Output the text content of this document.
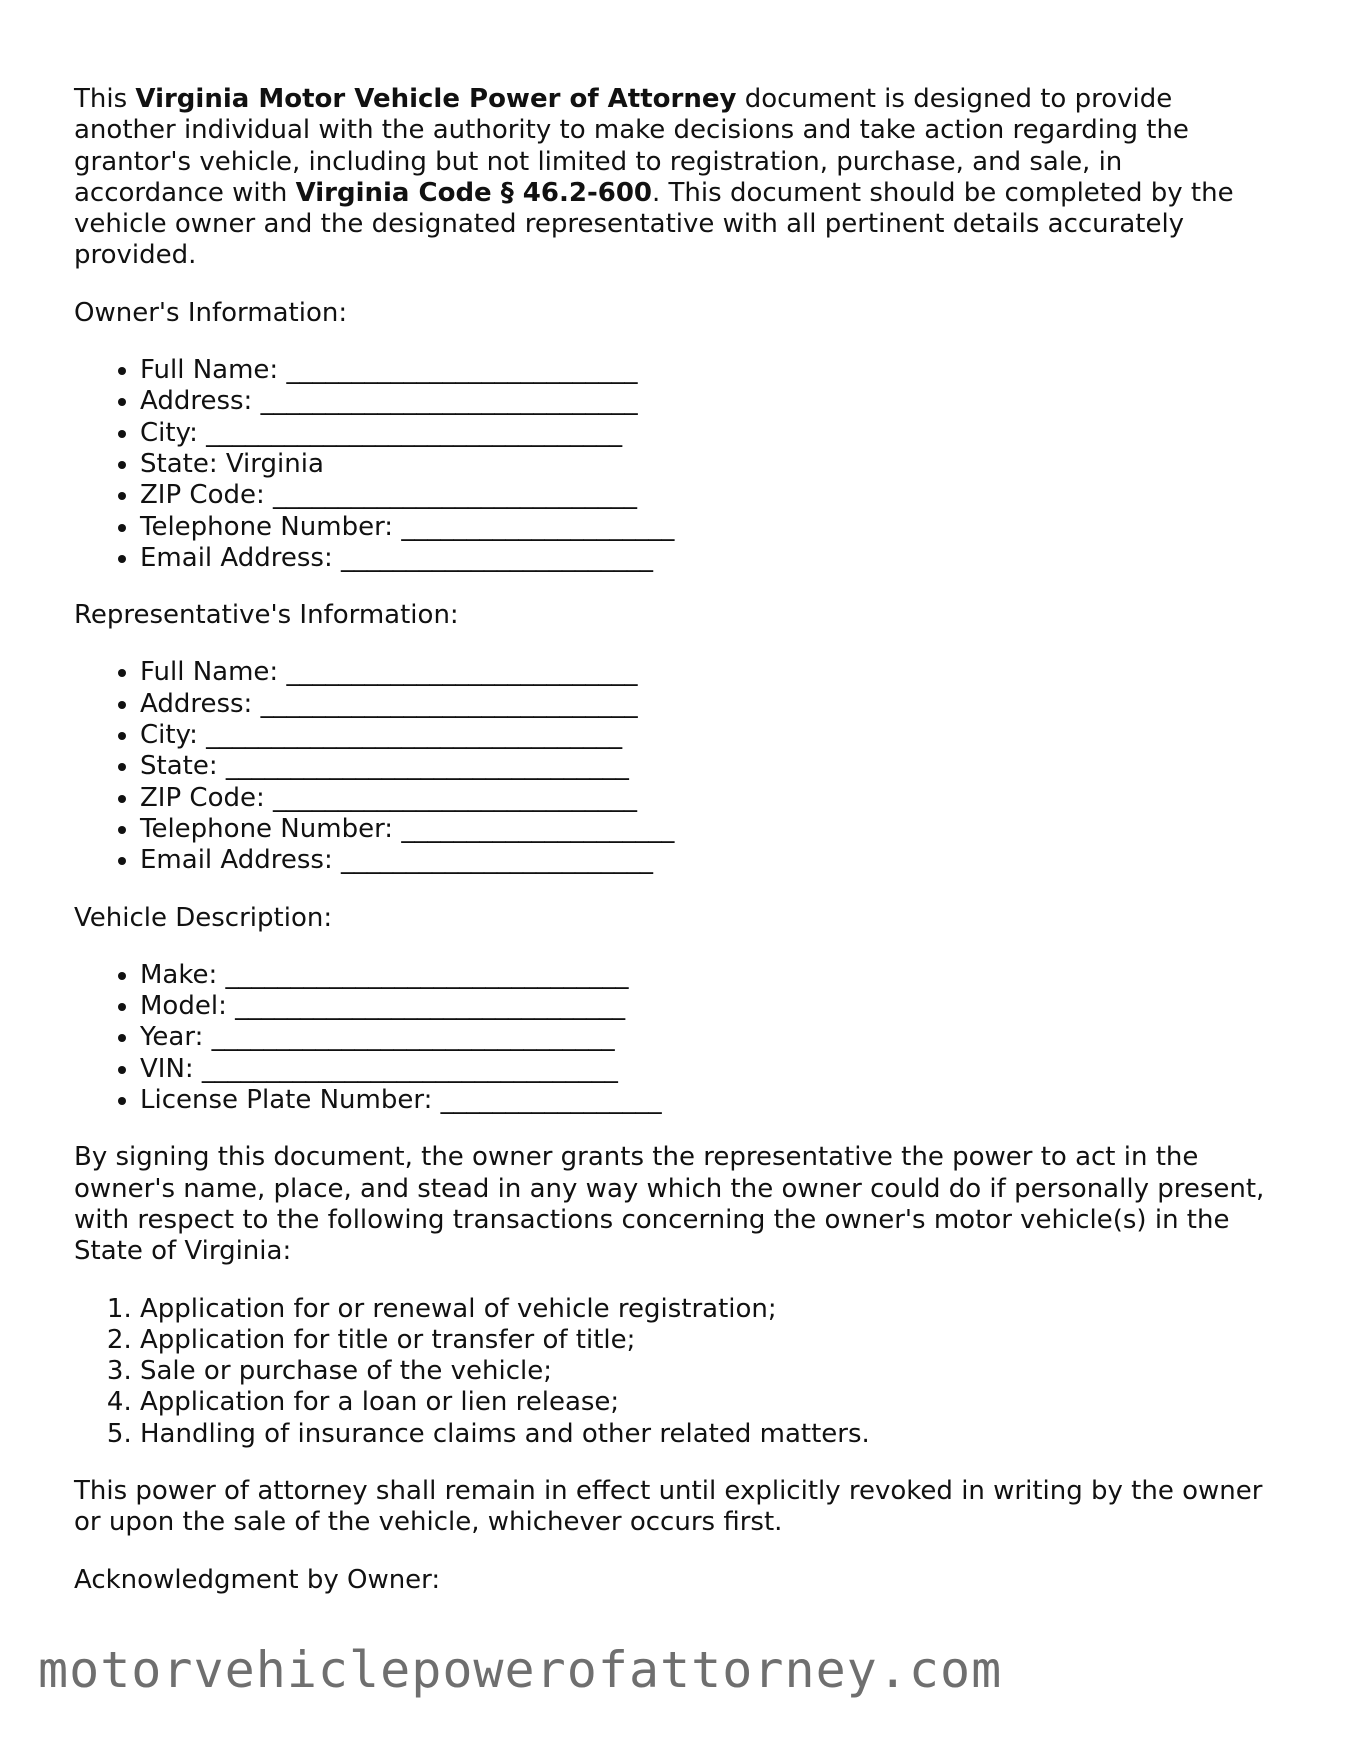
This Virginia Motor Vehicle Power of Attorney document is designed to provide another individual with the authority to make decisions and take action regarding the grantor's vehicle, including but not limited to registration, purchase, and sale, in accordance with Virginia Code § 46.2-600. This document should be completed by the vehicle owner and the designated representative with all pertinent details accurately provided.

Owner's Information:

• Full Name: ___________________________
• Address: _____________________________
• City: ________________________________
• State: Virginia
• ZIP Code: ____________________________
• Telephone Number: _____________________
• Email Address: ________________________

Representative's Information:

• Full Name: ___________________________
• Address: _____________________________
• City: ________________________________
• State: _______________________________
• ZIP Code: ____________________________
• Telephone Number: _____________________
• Email Address: ________________________

Vehicle Description:

• Make: _______________________________
• Model: ______________________________
• Year: _______________________________
• VIN: ________________________________
• License Plate Number: _________________

By signing this document, the owner grants the representative the power to act in the owner's name, place, and stead in any way which the owner could do if personally present, with respect to the following transactions concerning the owner's motor vehicle(s) in the State of Virginia:

1. Application for or renewal of vehicle registration;
2. Application for title or transfer of title;
3. Sale or purchase of the vehicle;
4. Application for a loan or lien release;
5. Handling of insurance claims and other related matters.

This power of attorney shall remain in effect until explicitly revoked in writing by the owner or upon the sale of the vehicle, whichever occurs first.

Acknowledgment by Owner:

motorvehiclepowerofattorney.com
